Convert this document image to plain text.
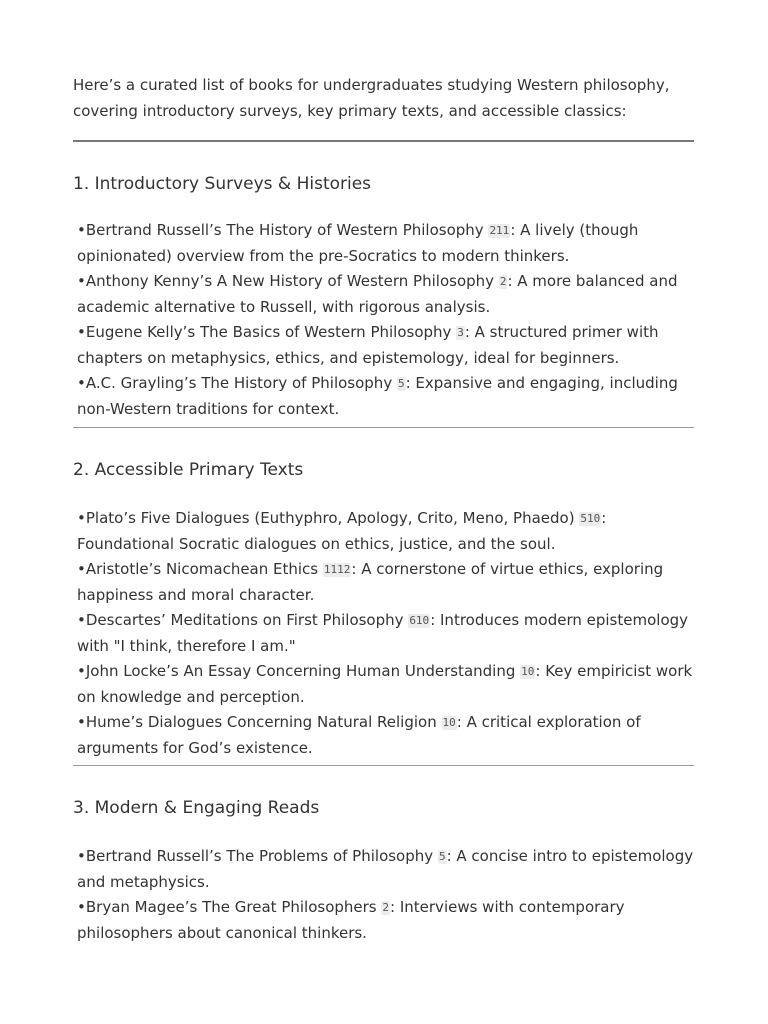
Here’s a curated list of books for undergraduates studying Western philosophy, covering introductory surveys, key primary texts, and accessible classics:

1. Introductory Surveys & Histories
•Bertrand Russell’s The History of Western Philosophy 211: A lively (though opinionated) overview from the pre-Socratics to modern thinkers.
•Anthony Kenny’s A New History of Western Philosophy 2: A more balanced and academic alternative to Russell, with rigorous analysis.
•Eugene Kelly’s The Basics of Western Philosophy 3: A structured primer with chapters on metaphysics, ethics, and epistemology, ideal for beginners.
•A.C. Grayling’s The History of Philosophy 5: Expansive and engaging, including non-Western traditions for context.
2. Accessible Primary Texts
•Plato’s Five Dialogues (Euthyphro, Apology, Crito, Meno, Phaedo) 510: Foundational Socratic dialogues on ethics, justice, and the soul.
•Aristotle’s Nicomachean Ethics 1112: A cornerstone of virtue ethics, exploring happiness and moral character.
•Descartes’ Meditations on First Philosophy 610: Introduces modern epistemology with "I think, therefore I am."
•John Locke’s An Essay Concerning Human Understanding 10: Key empiricist work on knowledge and perception.
•Hume’s Dialogues Concerning Natural Religion 10: A critical exploration of arguments for God’s existence.
3. Modern & Engaging Reads
•Bertrand Russell’s The Problems of Philosophy 5: A concise intro to epistemology and metaphysics.
•Bryan Magee’s The Great Philosophers 2: Interviews with contemporary philosophers about canonical thinkers.
